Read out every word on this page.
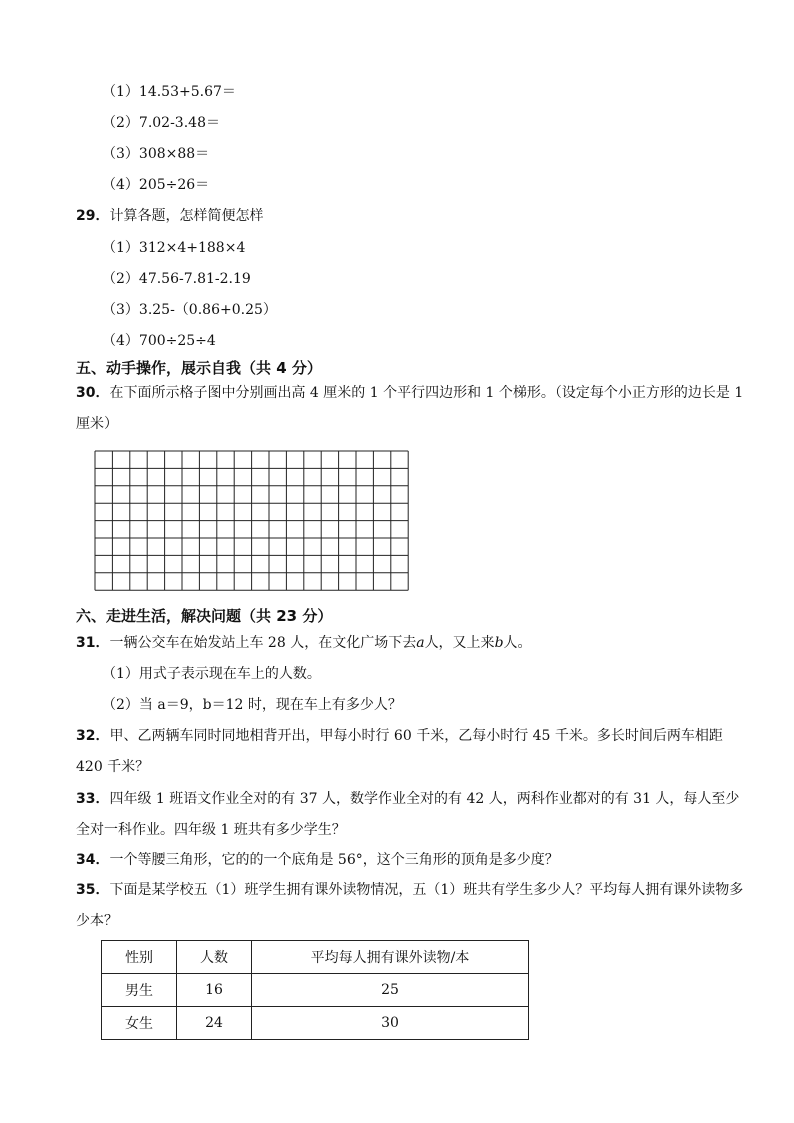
（1）14.53+5.67＝
（2）7.02-3.48＝
（3）308×88＝
（4）205÷26＝
29．计算各题，怎样简便怎样
（1）312×4+188×4
（2）47.56-7.81-2.19
（3）3.25-（0.86+0.25）
（4）700÷25÷4
五、动手操作，展示自我（共 4 分）
30．在下面所示格子图中分别画出高 4 厘米的 1 个平行四边形和 1 个梯形。（设定每个小正方形的边长是 1 厘米）
六、走进生活，解决问题（共 23 分）
31．一辆公交车在始发站上车 28 人，在文化广场下去a人，又上来b人。
（1）用式子表示现在车上的人数。
（2）当 a＝9，b＝12 时，现在车上有多少人？
32．甲、乙两辆车同时同地相背开出，甲每小时行 60 千米，乙每小时行 45 千米。多长时间后两车相距 420 千米？
33．四年级 1 班语文作业全对的有 37 人，数学作业全对的有 42 人，两科作业都对的有 31 人，每人至少全对一科作业。四年级 1 班共有多少学生？
34．一个等腰三角形，它的的一个底角是 56°，这个三角形的顶角是多少度？
35．下面是某学校五（1）班学生拥有课外读物情况，五（1）班共有学生多少人？平均每人拥有课外读物多少本？
性别	人数	平均每人拥有课外读物/本
男生	16	25
女生	24	30
